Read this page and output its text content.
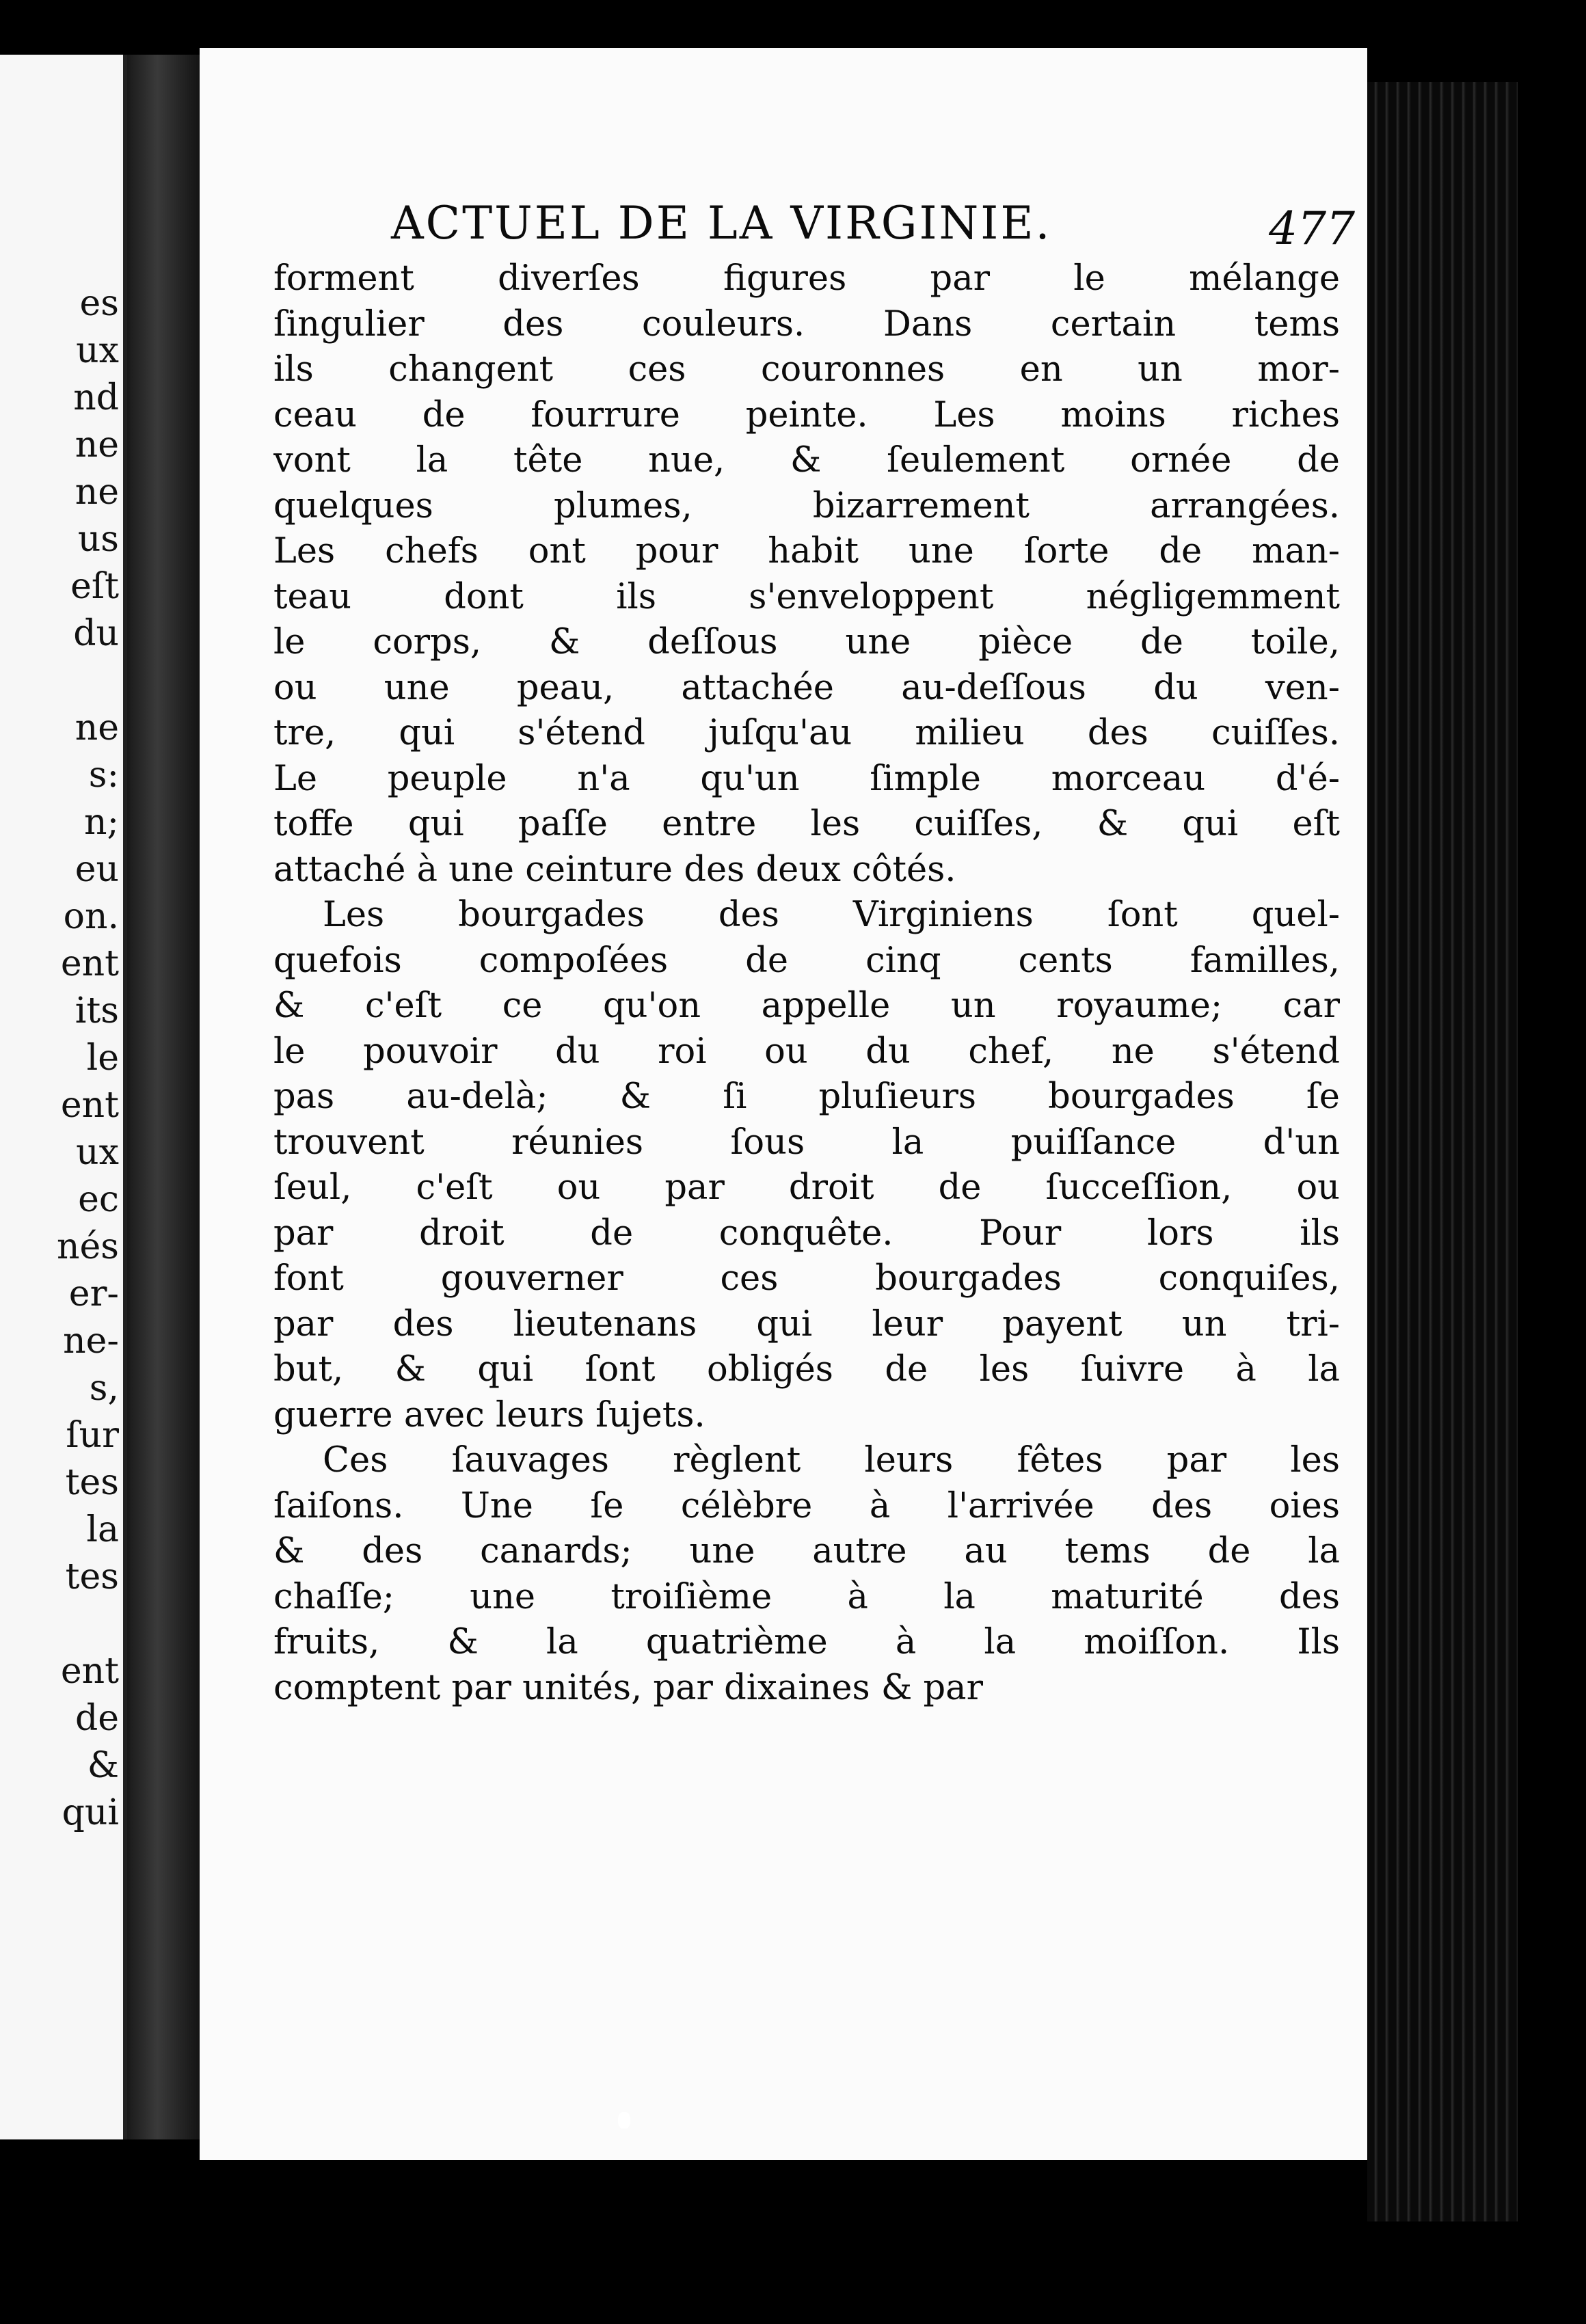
es
ux
nd
ne
ne
us
eſt
du
ne
s:
n;
eu
on.
ent
its
le
ent
ux
ec
nés
er-
ne-
s,
ſur
tes
la
tes
ent
de
&
qui
ACTUEL DE LA VIRGINIE.	477
forment diverſes figures par le mélange
ſingulier des couleurs. Dans certain tems
ils changent ces couronnes en un mor-
ceau de fourrure peinte. Les moins riches
vont la tête nue, & ſeulement ornée de
quelques plumes, bizarrement arrangées.
Les chefs ont pour habit une ſorte de man-
teau dont ils s'enveloppent négligemment
le corps, & deſſous une pièce de toile,
ou une peau, attachée au-deſſous du ven-
tre, qui s'étend juſqu'au milieu des cuiſſes.
Le peuple n'a qu'un ſimple morceau d'é-
toffe qui paſſe entre les cuiſſes, & qui eſt
attaché à une ceinture des deux côtés.
Les bourgades des Virginiens ſont quel-
quefois compoſées de cinq cents familles,
& c'eſt ce qu'on appelle un royaume; car
le pouvoir du roi ou du chef, ne s'étend
pas au-delà; & ſi pluſieurs bourgades ſe
trouvent réunies ſous la puiſſance d'un
ſeul, c'eſt ou par droit de ſucceſſion, ou
par droit de conquête. Pour lors ils
font gouverner ces bourgades conquiſes,
par des lieutenans qui leur payent un tri-
but, & qui ſont obligés de les ſuivre à la
guerre avec leurs ſujets.
Ces ſauvages règlent leurs fêtes par les
ſaiſons. Une ſe célèbre à l'arrivée des oies
& des canards; une autre au tems de la
chaſſe; une troiſième à la maturité des
fruits, & la quatrième à la moiſſon. Ils
comptent par unités, par dixaines & par
